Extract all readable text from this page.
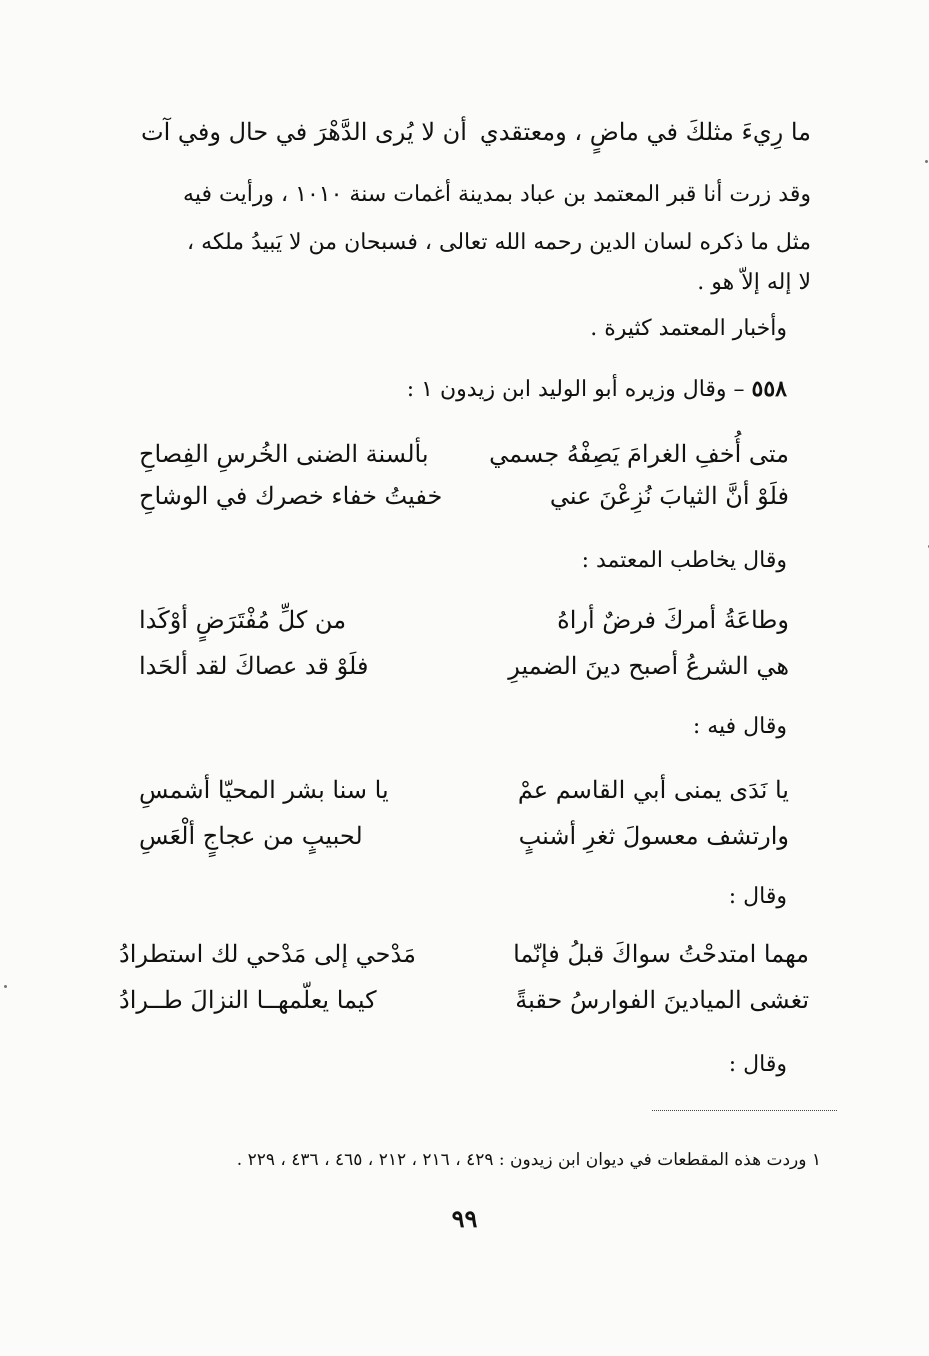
ما رِيءَ مثلكَ في ماضٍ ، ومعتقدي
أن لا يُرى الدَّهْرَ في حال وفي آت
وقد زرت أنا قبر المعتمد بن عباد بمدينة أغمات سنة ١٠١٠ ، ورأيت فيه
مثل ما ذكره لسان الدين رحمه الله تعالى ، فسبحان من لا يَبيدُ ملكه ،
لا إله إلاّ هو .
وأخبار المعتمد كثيرة .
٥٥٨ – وقال وزيره أبو الوليد ابن زيدون ١ :
متى أُخفِ الغرامَ يَصِفْهُ جسمي
بألسنة الضنى الخُرسِ الفِصاحِ
فلَوْ أنَّ الثيابَ نُزِعْنَ عني
خفيتُ خفاء خصرك في الوشاحِ
وقال يخاطب المعتمد :
وطاعَةُ أمركَ فرضٌ أراهُ
من كلِّ مُفْتَرَضٍ أوْكَدا
هي الشرعُ أصبح دينَ الضميرِ
فلَوْ قد عصاكَ لقد ألحَدا
وقال فيه :
يا نَدَى يمنى أبي القاسم عمْ
يا سنا بشر المحيّا أشمسِ
وارتشف معسولَ ثغرِ أشنبٍ
لحبيبٍ من عجاجٍ ألْعَسِ
وقال :
مهما امتدحْتُ سواكَ قبلُ فإنّما
مَدْحي إلى مَدْحي لك استطرادُ
تغشى الميادينَ الفوارسُ حقبةً
كيما يعلّمهــا النزالَ طــرادُ
وقال :
١ وردت هذه المقطعات في ديوان ابن زيدون : ٤٢٩ ، ٢١٦ ، ٢١٢ ، ٤٦٥ ، ٤٣٦ ، ٢٢٩ .
٩٩
